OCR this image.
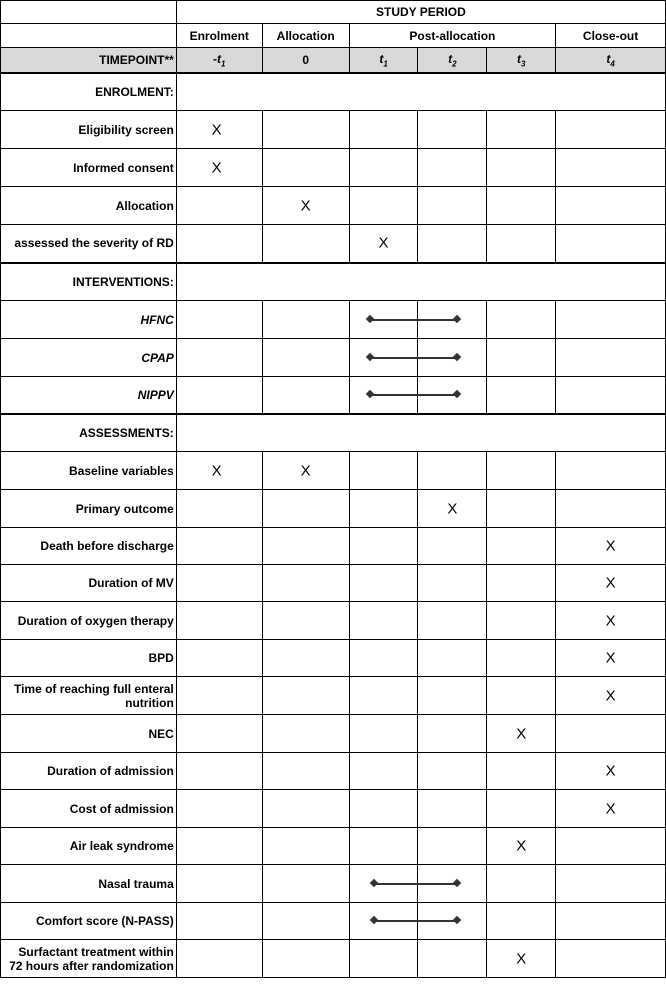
	STUDY PERIOD					
	Enrolment	Allocation	Post-allocation			Close-out
TIMEPOINT**	$-t_1$	0	$t_1$	$t_2$	$t_3$	$t_4$
ENROLMENT:						
Eligibility screen	X					

Informed consent	X					

Allocation		X				

assessed the severity of RD			X			

INTERVENTIONS:						
HFNC			

CPAP			

NIPPV			

ASSESSMENTS:						
Baseline variables	X	X				

Primary outcome				X		

Death before discharge						X

Duration of MV						X

Duration of oxygen therapy						X

BPD						X

Time of reaching full enteral nutrition						X

NEC					X	

Duration of admission						X

Cost of admission						X

Air leak syndrome					X	

Nasal trauma			

Comfort score (N-PASS)			

Surfactant treatment within 72 hours after randomization					X	
